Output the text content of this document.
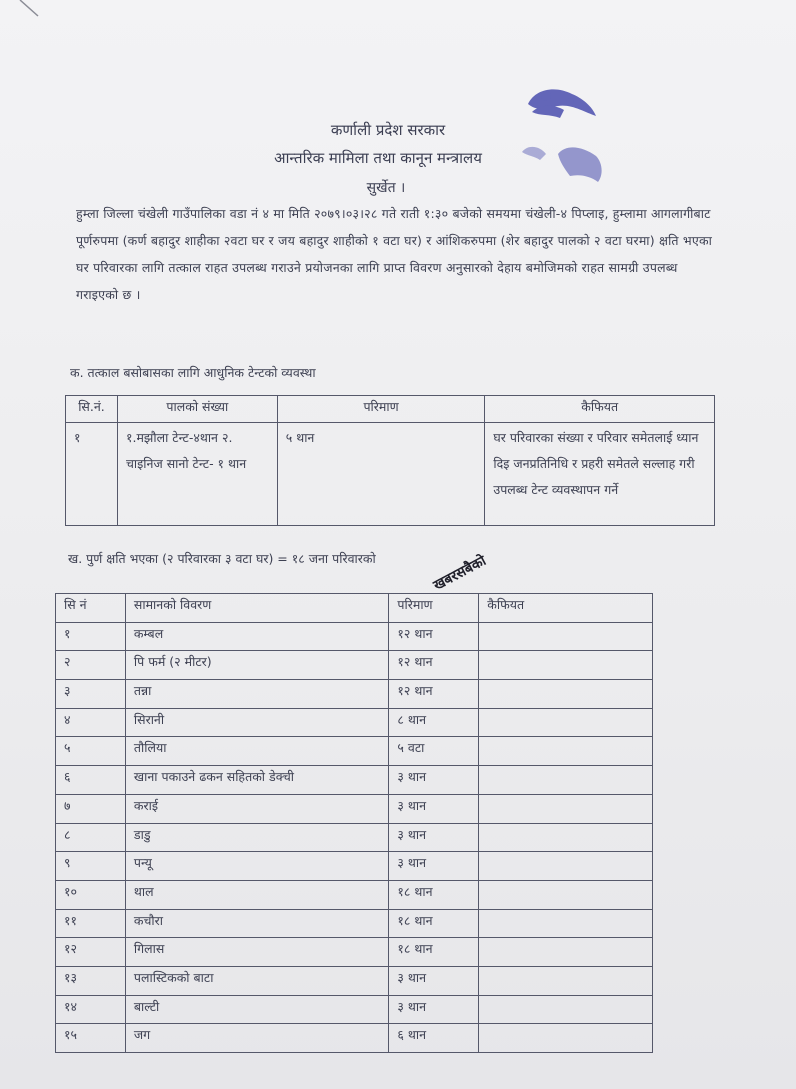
कर्णाली प्रदेश सरकार
आन्तरिक मामिला तथा कानून मन्त्रालय
सुर्खेत ।
हुम्ला जिल्ला चंखेली गाउँपालिका वडा नं ४ मा मिति २०७९।०३।२८ गते राती १:३० बजेको समयमा चंखेली-४ पिप्लाइ, हुम्लामा आगलागीबाट पूर्णरुपमा (कर्ण बहादुर शाहीका २वटा घर र जय बहादुर शाहीको १ वटा घर) र आंशिकरुपमा (शेर बहादुर पालको २ वटा घरमा) क्षति भएका घर परिवारका लागि तत्काल राहत उपलब्ध गराउने प्रयोजनका लागि प्राप्त विवरण अनुसारको देहाय बमोजिमको राहत सामग्री उपलब्ध गराइएको छ ।
क. तत्काल बसोबासका लागि आधुनिक टेन्टको व्यवस्था
सि.नं.	पालको संख्या	परिमाण	कैफियत
१	१.मझौला टेन्ट-४थान २. चाइनिज सानो टेन्ट- १ थान	५ थान	घर परिवारका संख्या र परिवार समेतलाई ध्यान दिइ जनप्रतिनिधि र प्रहरी समेतले सल्लाह गरी उपलब्ध टेन्ट व्यवस्थापन गर्ने
ख. पुर्ण क्षति भएका (२ परिवारका ३ वटा घर) = १८ जना परिवारको
सि नं	सामानको विवरण	परिमाण	कैफियत
१	कम्बल	१२ थान	
२	पि फर्म (२ मीटर)	१२ थान	
३	तन्ना	१२ थान	
४	सिरानी	८ थान	
५	तौलिया	५ वटा	
६	खाना पकाउने ढकन सहितको डेक्ची	३ थान	
७	कराई	३ थान	
८	डाडु	३ थान	
९	पन्यू	३ थान	
१०	थाल	१८ थान	
११	कचौरा	१८ थान	
१२	गिलास	१८ थान	
१३	पलास्टिकको बाटा	३ थान	
१४	बाल्टी	३ थान	
१५	जग	६ थान	
खबरसबैको
